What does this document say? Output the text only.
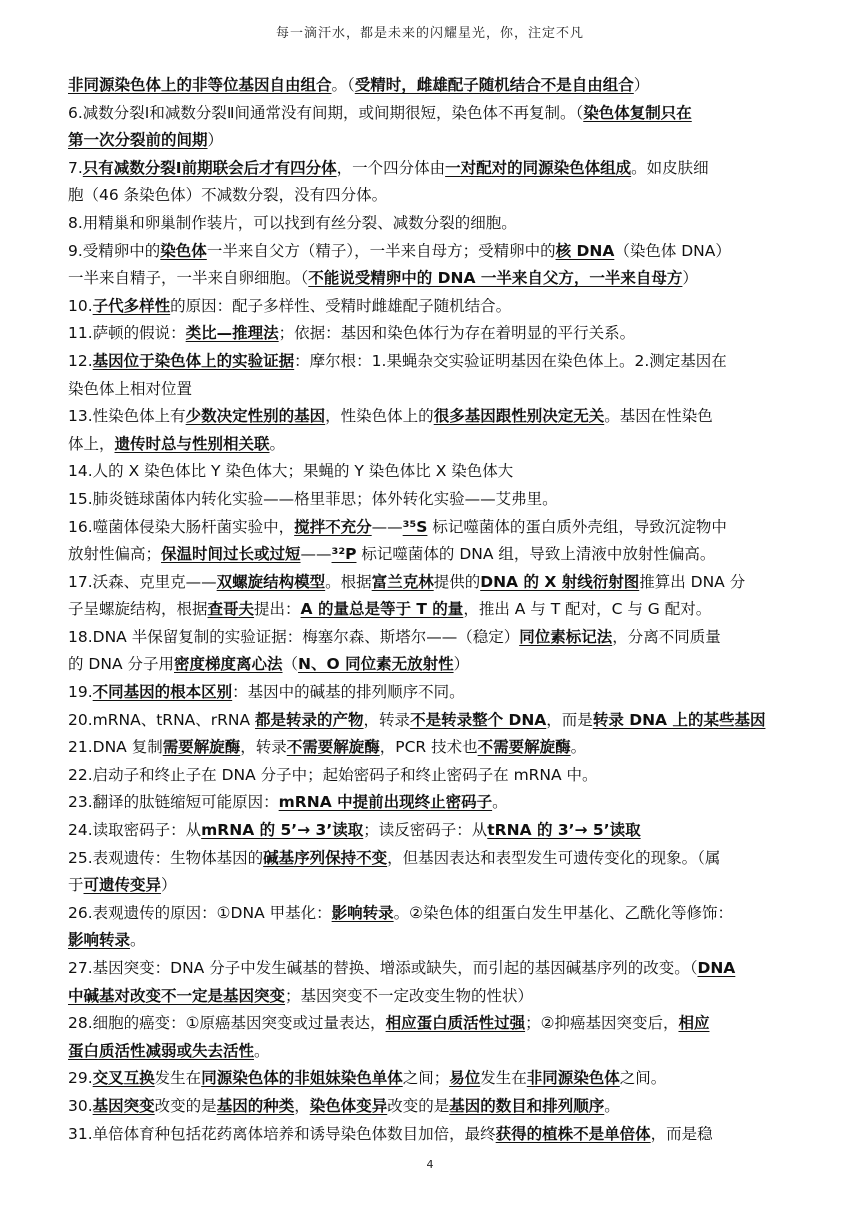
每一滴汗水，都是未来的闪耀星光，你，注定不凡
非同源染色体上的非等位基因自由组合。（受精时，雌雄配子随机结合不是自由组合）
6.减数分裂Ⅰ和减数分裂Ⅱ间通常没有间期，或间期很短，染色体不再复制。（染色体复制只在
第一次分裂前的间期）
7.只有减数分裂Ⅰ前期联会后才有四分体，一个四分体由一对配对的同源染色体组成。如皮肤细
胞（46 条染色体）不减数分裂，没有四分体。
8.用精巢和卵巢制作装片，可以找到有丝分裂、减数分裂的细胞。
9.受精卵中的染色体一半来自父方（精子），一半来自母方；受精卵中的核 DNA（染色体 DNA）
一半来自精子，一半来自卵细胞。（不能说受精卵中的 DNA 一半来自父方，一半来自母方）
10.子代多样性的原因：配子多样性、受精时雌雄配子随机结合。
11.萨顿的假说：类比—推理法；依据：基因和染色体行为存在着明显的平行关系。
12.基因位于染色体上的实验证据：摩尔根：1.果蝇杂交实验证明基因在染色体上。2.测定基因在
染色体上相对位置
13.性染色体上有少数决定性别的基因，性染色体上的很多基因跟性别决定无关。基因在性染色
体上，遗传时总与性别相关联。
14.人的 X 染色体比 Y 染色体大；果蝇的 Y 染色体比 X 染色体大
15.肺炎链球菌体内转化实验——格里菲思；体外转化实验——艾弗里。
16.噬菌体侵染大肠杆菌实验中，搅拌不充分——³⁵S 标记噬菌体的蛋白质外壳组，导致沉淀物中
放射性偏高；保温时间过长或过短——³²P 标记噬菌体的 DNA 组，导致上清液中放射性偏高。
17.沃森、克里克——双螺旋结构模型。根据富兰克林提供的DNA 的 X 射线衍射图推算出 DNA 分
子呈螺旋结构，根据查哥夫提出：A 的量总是等于 T 的量，推出 A 与 T 配对，C 与 G 配对。
18.DNA 半保留复制的实验证据：梅塞尔森、斯塔尔——（稳定）同位素标记法，分离不同质量
的 DNA 分子用密度梯度离心法（N、O 同位素无放射性）
19.不同基因的根本区别：基因中的碱基的排列顺序不同。
20.mRNA、tRNA、rRNA 都是转录的产物，转录不是转录整个 DNA，而是转录 DNA 上的某些基因
21.DNA 复制需要解旋酶，转录不需要解旋酶，PCR 技术也不需要解旋酶。
22.启动子和终止子在 DNA 分子中；起始密码子和终止密码子在 mRNA 中。
23.翻译的肽链缩短可能原因：mRNA 中提前出现终止密码子。
24.读取密码子：从mRNA 的 5’→ 3’读取；读反密码子：从tRNA 的 3’→ 5’读取
25.表观遗传：生物体基因的碱基序列保持不变，但基因表达和表型发生可遗传变化的现象。（属
于可遗传变异）
26.表观遗传的原因：①DNA 甲基化：影响转录。②染色体的组蛋白发生甲基化、乙酰化等修饰：
影响转录。
27.基因突变：DNA 分子中发生碱基的替换、增添或缺失，而引起的基因碱基序列的改变。（DNA
中碱基对改变不一定是基因突变；基因突变不一定改变生物的性状）
28.细胞的癌变：①原癌基因突变或过量表达，相应蛋白质活性过强；②抑癌基因突变后，相应
蛋白质活性减弱或失去活性。
29.交叉互换发生在同源染色体的非姐妹染色单体之间；易位发生在非同源染色体之间。
30.基因突变改变的是基因的种类，染色体变异改变的是基因的数目和排列顺序。
31.单倍体育种包括花药离体培养和诱导染色体数目加倍，最终获得的植株不是单倍体，而是稳
4
